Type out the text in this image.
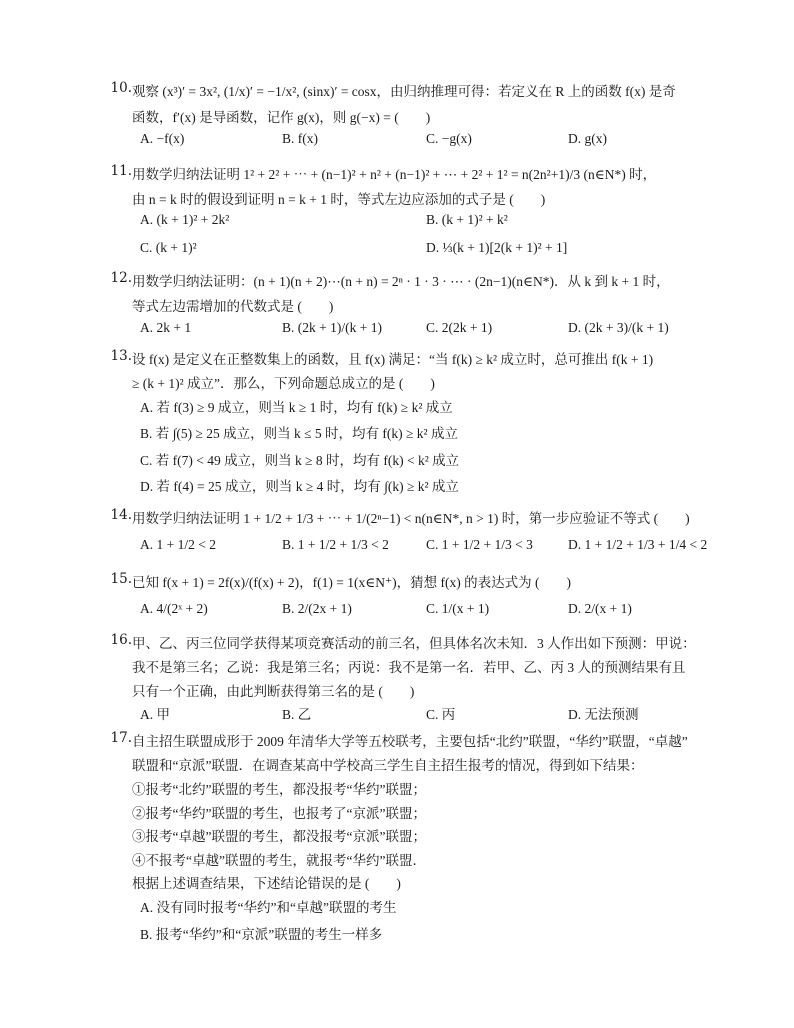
10. 观察 (x³)′ = 3x², (1/x)′ = −1/x², (sinx)′ = cosx，由归纳推理可得：若定义在 R 上的函数 f(x) 是奇
函数，f′(x) 是导函数，记作 g(x)，则 g(−x) = (　　)
A. −f(x)	B. f(x)	C. −g(x)	D. g(x)
11. 用数学归纳法证明 1² + 2² + ⋯ + (n−1)² + n² + (n−1)² + ⋯ + 2² + 1² = n(2n²+1)/3 (n∈N*) 时，
由 n = k 时的假设到证明 n = k + 1 时，等式左边应添加的式子是 (　　)
A. (k + 1)² + 2k²	B. (k + 1)² + k²
C. (k + 1)²	D. ⅓(k + 1)[2(k + 1)² + 1]
12. 用数学归纳法证明：(n + 1)(n + 2)⋯(n + n) = 2ⁿ · 1 · 3 · ⋯ · (2n−1)(n∈N*)．从 k 到 k + 1 时，
等式左边需增加的代数式是 (　　)
A. 2k + 1	B. (2k + 1)/(k + 1)	C. 2(2k + 1)	D. (2k + 3)/(k + 1)
13. 设 f(x) 是定义在正整数集上的函数，且 f(x) 满足：“当 f(k) ≥ k² 成立时，总可推出 f(k + 1)
≥ (k + 1)² 成立”．那么，下列命题总成立的是 (　　)
A. 若 f(3) ≥ 9 成立，则当 k ≥ 1 时，均有 f(k) ≥ k² 成立
B. 若 ∫(5) ≥ 25 成立，则当 k ≤ 5 时，均有 f(k) ≥ k² 成立
C. 若 f(7) < 49 成立，则当 k ≥ 8 时，均有 f(k) < k² 成立
D. 若 f(4) = 25 成立，则当 k ≥ 4 时，均有 ∫(k) ≥ k² 成立
14. 用数学归纳法证明 1 + 1/2 + 1/3 + ⋯ + 1/(2ⁿ−1) < n(n∈N*, n > 1) 时，第一步应验证不等式 (　　)
A. 1 + 1/2 < 2	B. 1 + 1/2 + 1/3 < 2	C. 1 + 1/2 + 1/3 < 3	D. 1 + 1/2 + 1/3 + 1/4 < 2
15. 已知 f(x + 1) = 2f(x)/(f(x) + 2)，f(1) = 1(x∈N⁺)，猜想 f(x) 的表达式为 (　　)
A. 4/(2ˣ + 2)	B. 2/(2x + 1)	C. 1/(x + 1)	D. 2/(x + 1)
16. 甲、乙、丙三位同学获得某项竞赛活动的前三名，但具体名次未知．3 人作出如下预测：甲说：
我不是第三名；乙说：我是第三名；丙说：我不是第一名．若甲、乙、丙 3 人的预测结果有且
只有一个正确，由此判断获得第三名的是 (　　)
A. 甲	B. 乙	C. 丙	D. 无法预测
17. 自主招生联盟成形于 2009 年清华大学等五校联考，主要包括“北约”联盟，“华约”联盟，“卓越”
联盟和“京派”联盟．在调查某高中学校高三学生自主招生报考的情况，得到如下结果：
①报考“北约”联盟的考生，都没报考“华约”联盟；
②报考“华约”联盟的考生，也报考了“京派”联盟；
③报考“卓越”联盟的考生，都没报考“京派”联盟；
④不报考“卓越”联盟的考生，就报考“华约”联盟．
根据上述调查结果，下述结论错误的是 (　　)
A. 没有同时报考“华约”和“卓越”联盟的考生
B. 报考“华约”和“京派”联盟的考生一样多
